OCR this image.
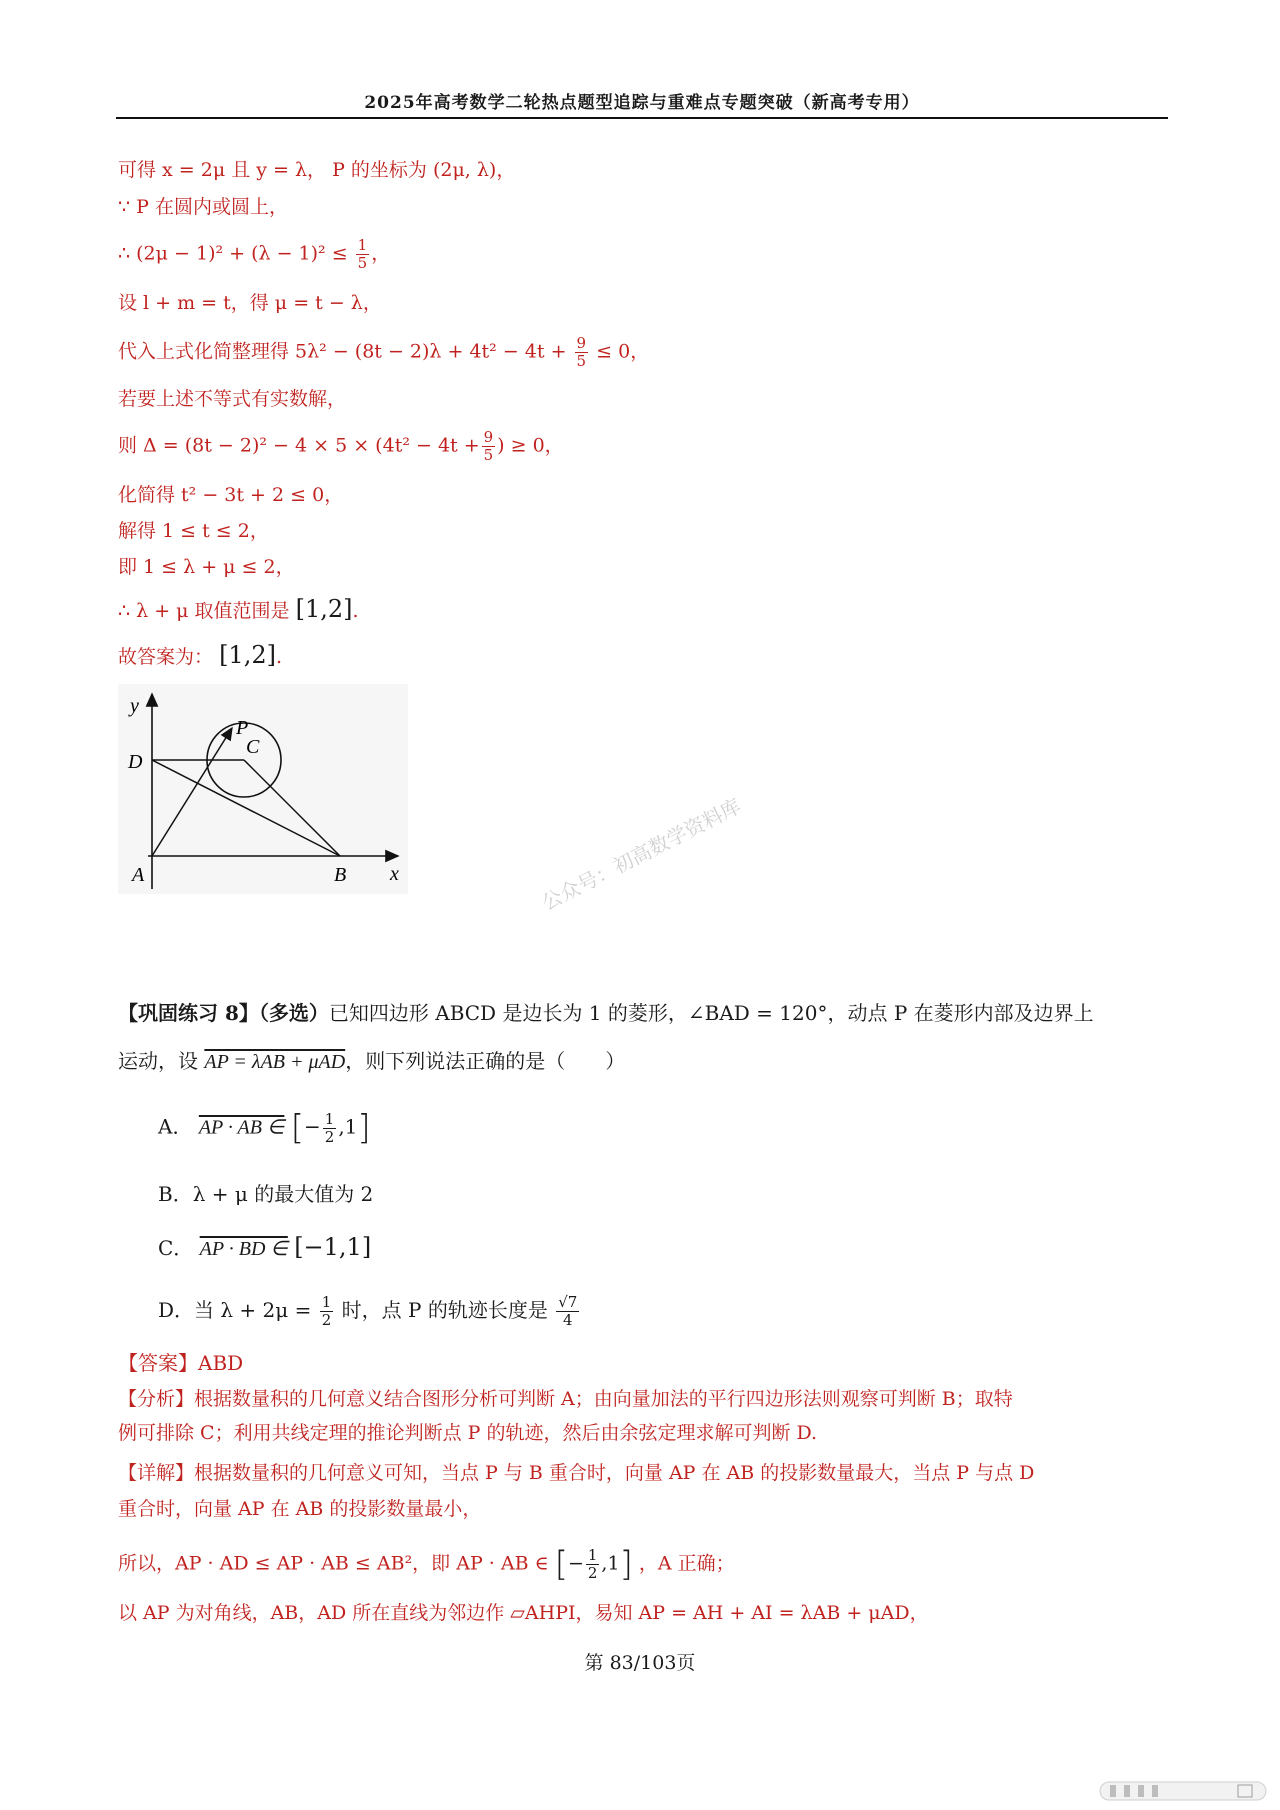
2025年高考数学二轮热点题型追踪与重难点专题突破（新高考专用）
可得 x = 2μ 且 y = λ， P 的坐标为 (2μ, λ)，
∵ P 在圆内或圆上，
∴ $(2\mu - 1)^2 + (\lambda - 1)^2 \le \frac{1}{5}$ ，
设 l + m = t，得 μ = t − λ，
代入上式化简整理得 $5\lambda^2 - (8t - 2)\lambda + 4t^2 - 4t + \frac{9}{5} \le 0$，
若要上述不等式有实数解，
则 $\Delta = (8t - 2)^2 - 4 \times 5 \times (4t^2 - 4t + \frac{9}{5}$ ) ≥ 0，
化简得 t² − 3t + 2 ≤ 0，
解得 1 ≤ t ≤ 2，
即 1 ≤ λ + μ ≤ 2，
∴ λ + μ 取值范围是 [1,2].
故答案为： [1,2].
y
x
D
P
C
A	B	公众号：初高数学资料库
【巩固练习 8】（多选）已知四边形 ABCD 是边长为 1 的菱形，∠BAD = 120°，动点 P 在菱形内部及边界上
运动，设 AP = λAB + μAD，则下列说法正确的是（　　）
A． AP · AB ∈ [− $\frac{1}{2} ,1$]
B．λ + μ 的最大值为 2
C． AP · BD ∈ [−1,1]
D．当 $\lambda + 2\mu = \frac{1}{2}$ 时，点 P 的轨迹长度是 $\frac{√7}{4}$
【答案】ABD
【分析】根据数量积的几何意义结合图形分析可判断 A；由向量加法的平行四边形法则观察可判断 B；取特
例可排除 C；利用共线定理的推论判断点 P 的轨迹，然后由余弦定理求解可判断 D.
【详解】根据数量积的几何意义可知，当点 P 与 B 重合时，向量 AP 在 AB 的投影数量最大，当点 P 与点 D
重合时，向量 AP 在 AB 的投影数量最小，
所以，AP · AD ≤ AP · AB ≤ AB²，即 AP · AB ∈ [− $\frac{1}{2} ,1$] ，A 正确；
以 AP 为对角线，AB，AD 所在直线为邻边作 ▱AHPI，易知 AP = AH + AI = λAB + μAD，
第 83/103页
